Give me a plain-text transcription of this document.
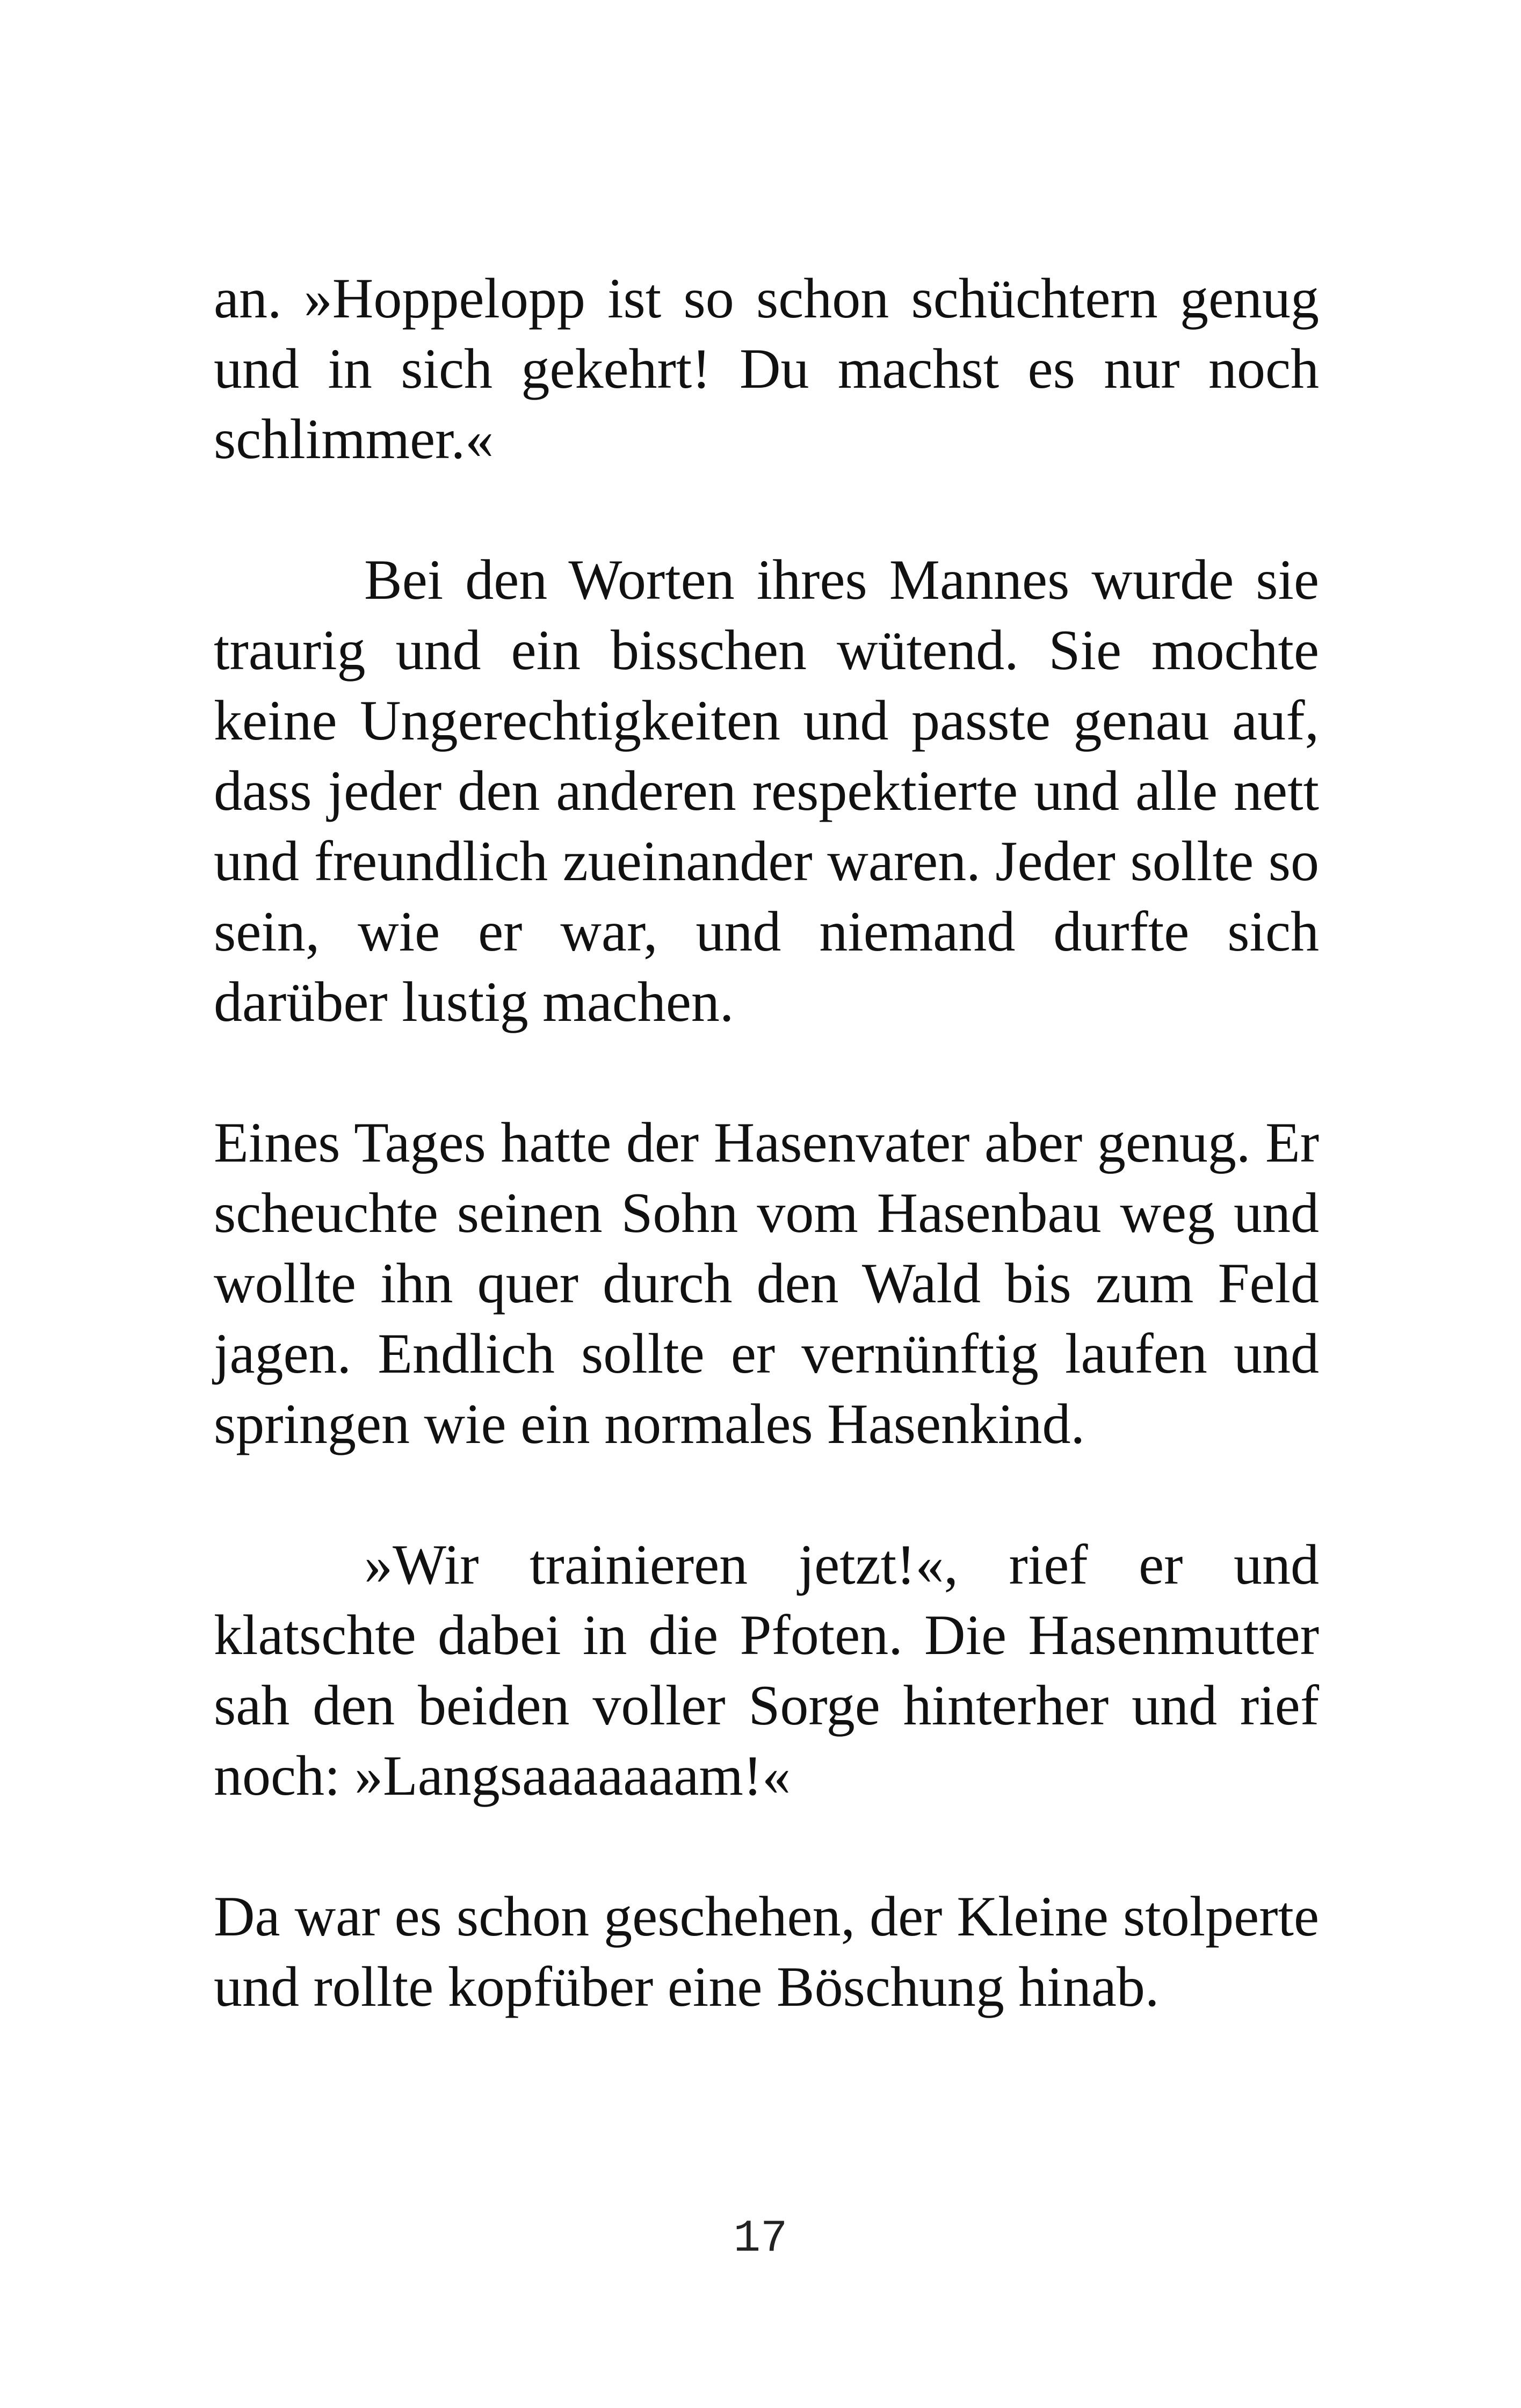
an. »Hoppelopp ist so schon schüchtern genug und in sich gekehrt! Du machst es nur noch schlimmer.«

Bei den Worten ihres Mannes wurde sie traurig und ein bisschen wütend. Sie mochte keine Ungerechtigkeiten und passte genau auf, dass jeder den anderen respektierte und alle nett und freundlich zueinander waren. Jeder sollte so sein, wie er war, und niemand durfte sich darüber lustig machen.

Eines Tages hatte der Hasenvater aber genug. Er scheuchte seinen Sohn vom Hasenbau weg und wollte ihn quer durch den Wald bis zum Feld jagen. Endlich sollte er vernünftig laufen und springen wie ein normales Hasenkind.

»Wir trainieren jetzt!«, rief er und klatschte dabei in die Pfoten. Die Hasenmutter sah den beiden voller Sorge hinterher und rief noch: »Langsaaaaaaam!«

Da war es schon geschehen, der Kleine stolperte und rollte kopfüber eine Böschung hinab.

17
